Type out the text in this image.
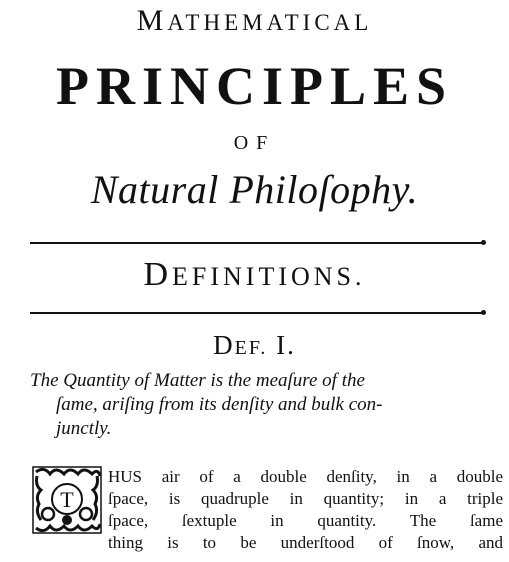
MATHEMATICAL
PRINCIPLES
OF
Natural Philoſophy.
DEFINITIONS.
DEF. I.
The Quantity of Matter is the meaſure of the
ſame, ariſing from its denſity and bulk con-
junctly.
T
HUS air of a double denſity, in a double
ſpace, is quadruple in quantity; in a triple
ſpace, ſextuple in quantity. The ſame
thing is to be underſtood of ſnow, and
